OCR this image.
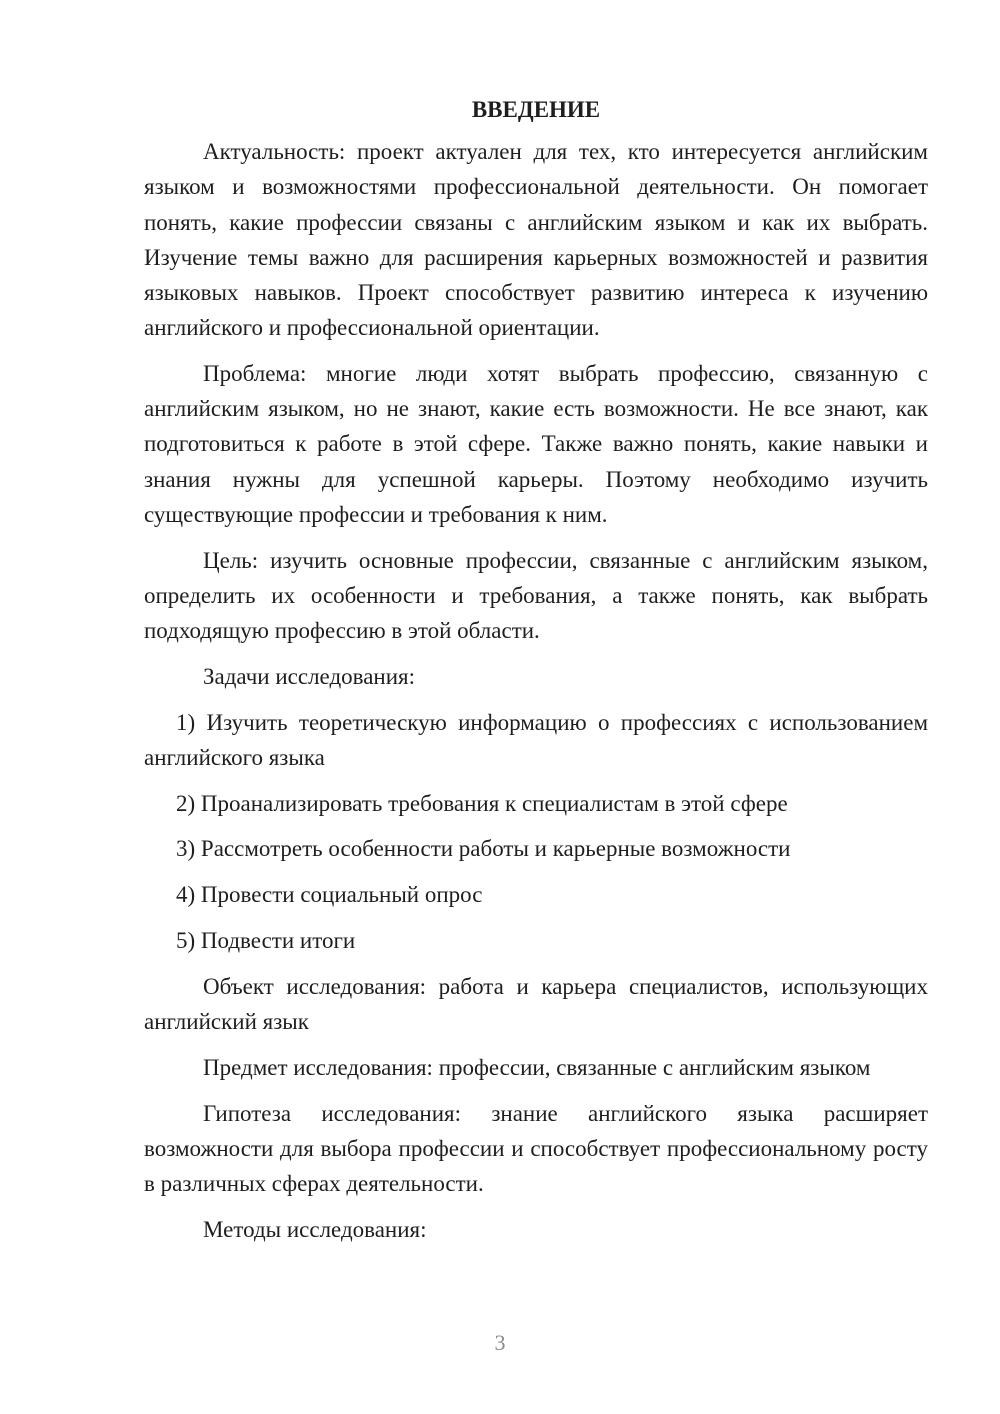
ВВЕДЕНИЕ

Актуальность: проект актуален для тех, кто интересуется английским языком и возможностями профессиональной деятельности. Он помогает понять, какие профессии связаны с английским языком и как их выбрать. Изучение темы важно для расширения карьерных возможностей и развития языковых навыков. Проект способствует развитию интереса к изучению английского и профессиональной ориентации.

Проблема: многие люди хотят выбрать профессию, связанную с английским языком, но не знают, какие есть возможности. Не все знают, как подготовиться к работе в этой сфере. Также важно понять, какие навыки и знания нужны для успешной карьеры. Поэтому необходимо изучить существующие профессии и требования к ним.

Цель: изучить основные профессии, связанные с английским языком, определить их особенности и требования, а также понять, как выбрать подходящую профессию в этой области.

Задачи исследования:

1) Изучить теоретическую информацию о профессиях с использованием английского языка

2) Проанализировать требования к специалистам в этой сфере

3) Рассмотреть особенности работы и карьерные возможности

4) Провести социальный опрос

5) Подвести итоги

Объект исследования: работа и карьера специалистов, использующих английский язык

Предмет исследования: профессии, связанные с английским языком

Гипотеза исследования: знание английского языка расширяет возможности для выбора профессии и способствует профессиональному росту в различных сферах деятельности.

Методы исследования:

3
